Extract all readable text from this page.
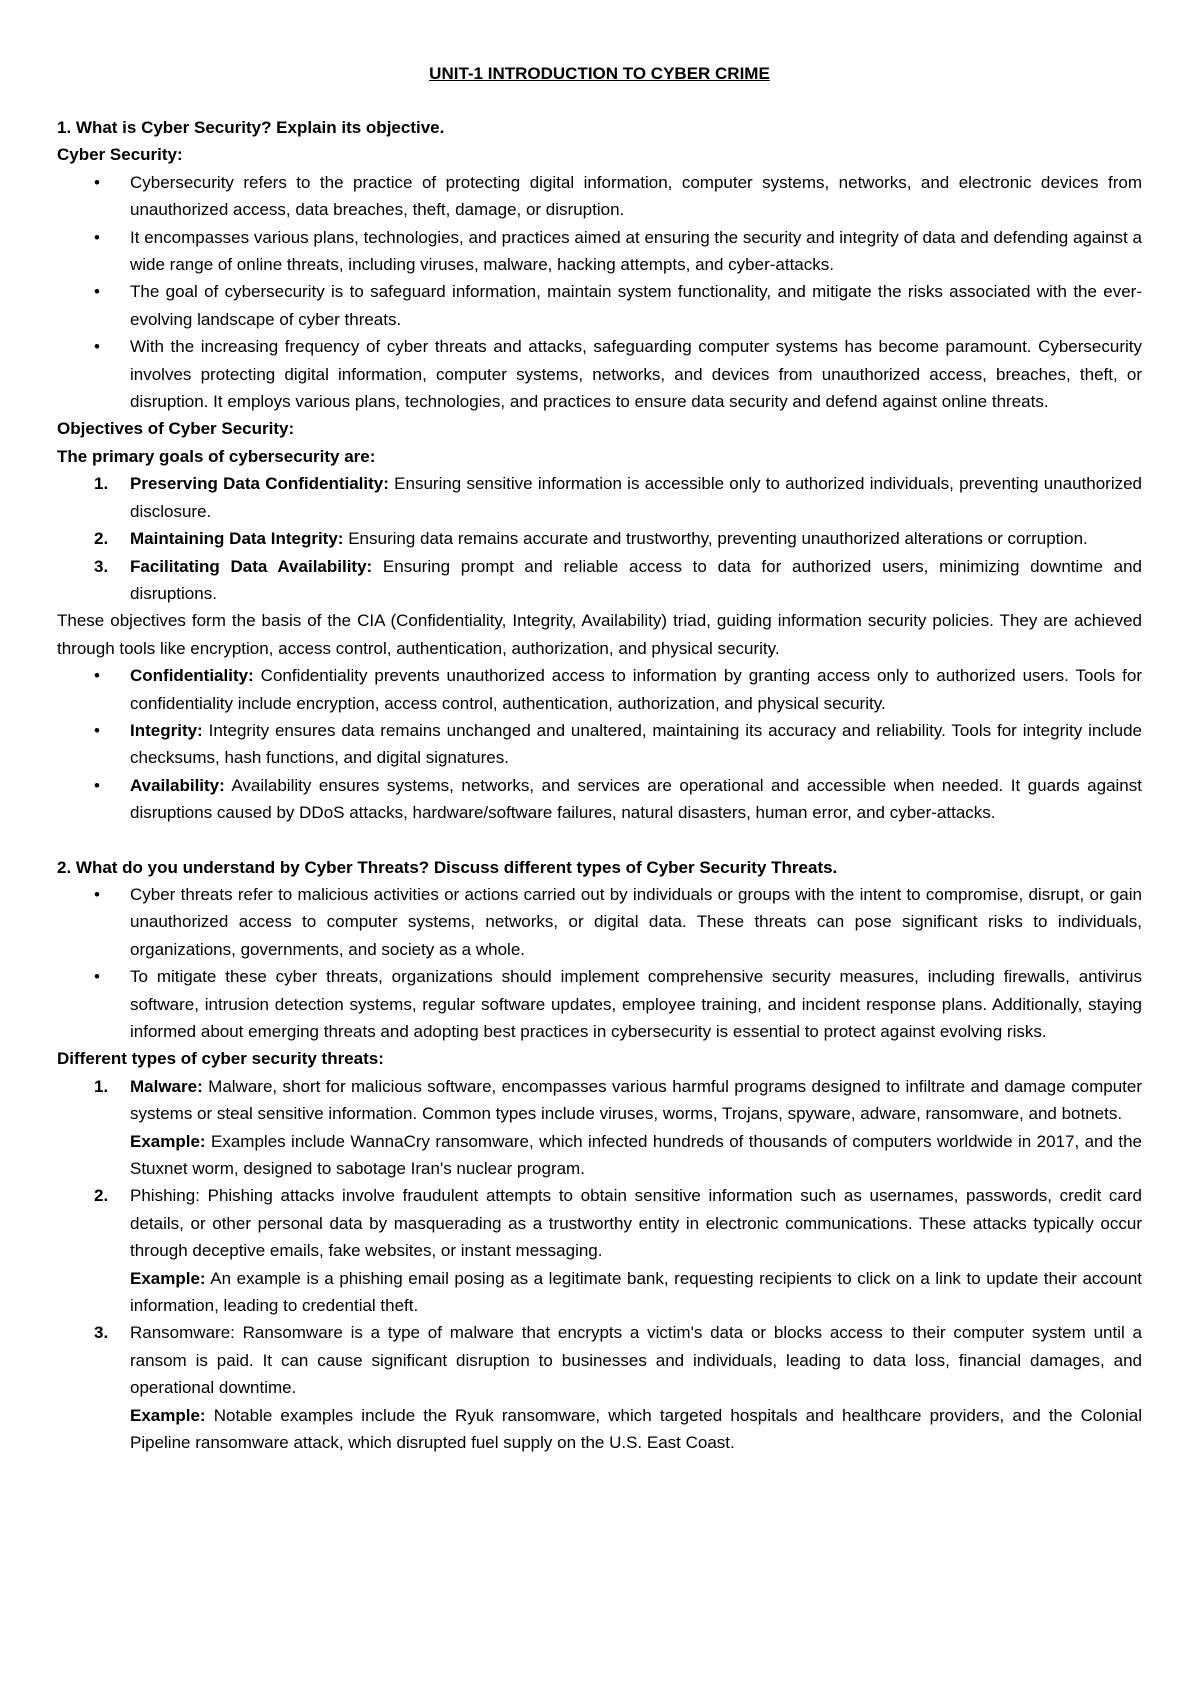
UNIT-1 INTRODUCTION TO CYBER CRIME

1. What is Cyber Security? Explain its objective.

Cyber Security:

• Cybersecurity refers to the practice of protecting digital information, computer systems, networks, and electronic devices from unauthorized access, data breaches, theft, damage, or disruption.
• It encompasses various plans, technologies, and practices aimed at ensuring the security and integrity of data and defending against a wide range of online threats, including viruses, malware, hacking attempts, and cyber-attacks.
• The goal of cybersecurity is to safeguard information, maintain system functionality, and mitigate the risks associated with the ever-evolving landscape of cyber threats.
• With the increasing frequency of cyber threats and attacks, safeguarding computer systems has become paramount. Cybersecurity involves protecting digital information, computer systems, networks, and devices from unauthorized access, breaches, theft, or disruption. It employs various plans, technologies, and practices to ensure data security and defend against online threats.

Objectives of Cyber Security:

The primary goals of cybersecurity are:

1. Preserving Data Confidentiality: Ensuring sensitive information is accessible only to authorized individuals, preventing unauthorized disclosure.
2. Maintaining Data Integrity: Ensuring data remains accurate and trustworthy, preventing unauthorized alterations or corruption.
3. Facilitating Data Availability: Ensuring prompt and reliable access to data for authorized users, minimizing downtime and disruptions.

These objectives form the basis of the CIA (Confidentiality, Integrity, Availability) triad, guiding information security policies. They are achieved through tools like encryption, access control, authentication, authorization, and physical security.

• Confidentiality: Confidentiality prevents unauthorized access to information by granting access only to authorized users. Tools for confidentiality include encryption, access control, authentication, authorization, and physical security.
• Integrity: Integrity ensures data remains unchanged and unaltered, maintaining its accuracy and reliability. Tools for integrity include checksums, hash functions, and digital signatures.
• Availability: Availability ensures systems, networks, and services are operational and accessible when needed. It guards against disruptions caused by DDoS attacks, hardware/software failures, natural disasters, human error, and cyber-attacks.

2. What do you understand by Cyber Threats? Discuss different types of Cyber Security Threats.

• Cyber threats refer to malicious activities or actions carried out by individuals or groups with the intent to compromise, disrupt, or gain unauthorized access to computer systems, networks, or digital data. These threats can pose significant risks to individuals, organizations, governments, and society as a whole.
• To mitigate these cyber threats, organizations should implement comprehensive security measures, including firewalls, antivirus software, intrusion detection systems, regular software updates, employee training, and incident response plans. Additionally, staying informed about emerging threats and adopting best practices in cybersecurity is essential to protect against evolving risks.

Different types of cyber security threats:

1. Malware: Malware, short for malicious software, encompasses various harmful programs designed to infiltrate and damage computer systems or steal sensitive information. Common types include viruses, worms, Trojans, spyware, adware, ransomware, and botnets.
Example: Examples include WannaCry ransomware, which infected hundreds of thousands of computers worldwide in 2017, and the Stuxnet worm, designed to sabotage Iran's nuclear program.
2. Phishing: Phishing attacks involve fraudulent attempts to obtain sensitive information such as usernames, passwords, credit card details, or other personal data by masquerading as a trustworthy entity in electronic communications. These attacks typically occur through deceptive emails, fake websites, or instant messaging.
Example: An example is a phishing email posing as a legitimate bank, requesting recipients to click on a link to update their account information, leading to credential theft.
3. Ransomware: Ransomware is a type of malware that encrypts a victim's data or blocks access to their computer system until a ransom is paid. It can cause significant disruption to businesses and individuals, leading to data loss, financial damages, and operational downtime.
Example: Notable examples include the Ryuk ransomware, which targeted hospitals and healthcare providers, and the Colonial Pipeline ransomware attack, which disrupted fuel supply on the U.S. East Coast.
